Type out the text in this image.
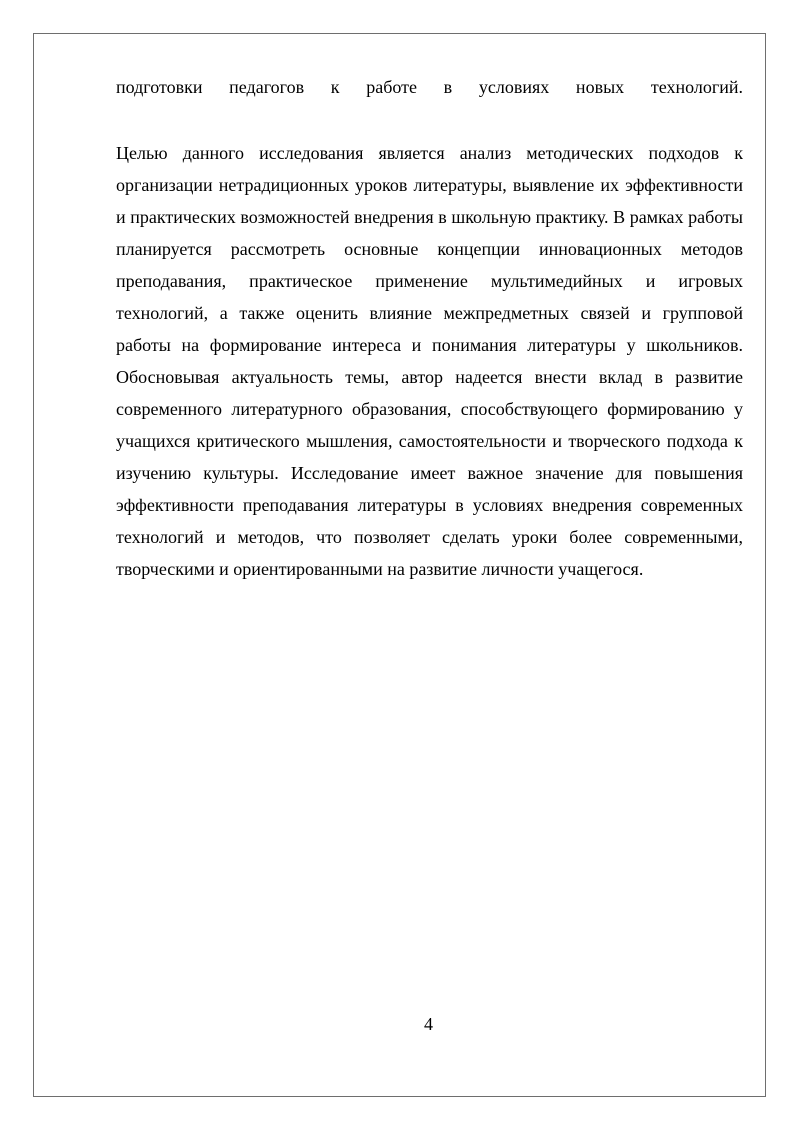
подготовки педагогов к работе в условиях новых технологий.

Целью данного исследования является анализ методических подходов к организации нетрадиционных уроков литературы, выявление их эффективности и практических возможностей внедрения в школьную практику. В рамках работы планируется рассмотреть основные концепции инновационных методов преподавания, практическое применение мультимедийных и игровых технологий, а также оценить влияние межпредметных связей и групповой работы на формирование интереса и понимания литературы у школьников. Обосновывая актуальность темы, автор надеется внести вклад в развитие современного литературного образования, способствующего формированию у учащихся критического мышления, самостоятельности и творческого подхода к изучению культуры. Исследование имеет важное значение для повышения эффективности преподавания литературы в условиях внедрения современных технологий и методов, что позволяет сделать уроки более современными, творческими и ориентированными на развитие личности учащегося.

4
